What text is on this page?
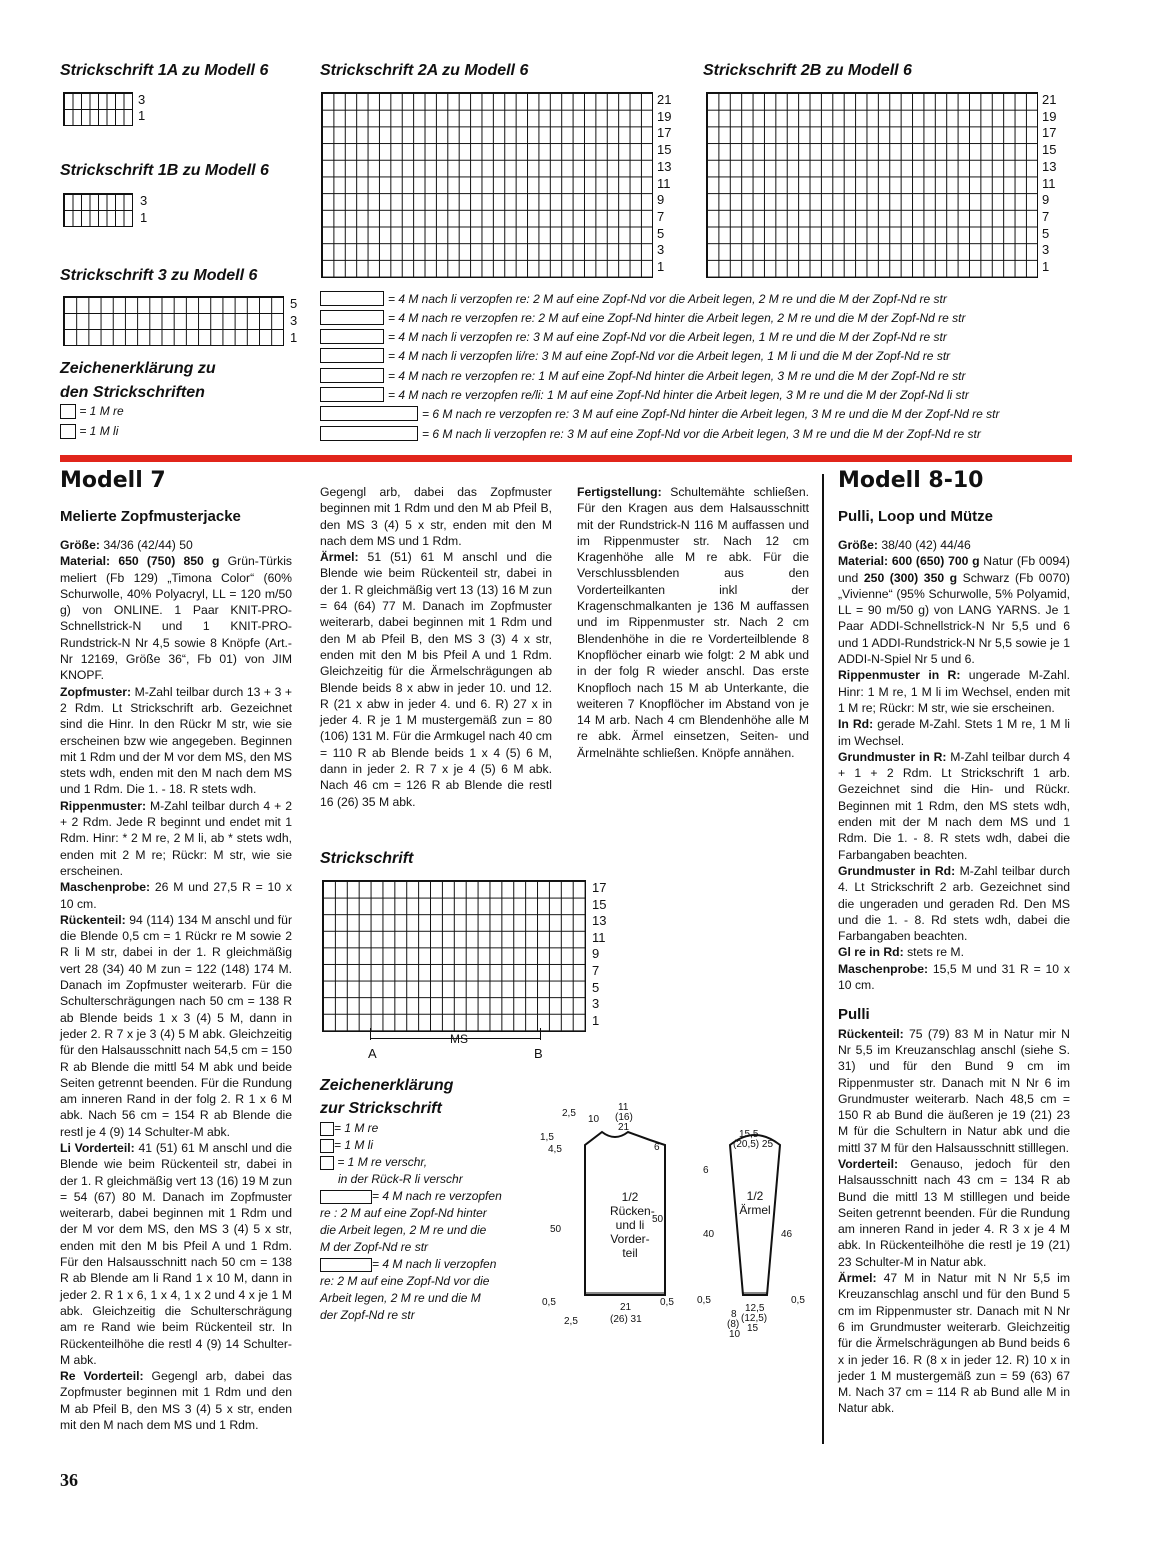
Strickschrift 1A zu Modell 6
3
1
Strickschrift 1B zu Modell 6
3
1
Strickschrift 3 zu Modell 6
5
3
1
Zeichenerklärung zu
den Strickschriften
= 1 M re
= 1 M li
Strickschrift 2A zu Modell 6
21
19
17
15
13
11
9
7
5
3
1
Strickschrift 2B zu Modell 6
21
19
17
15
13
11
9
7
5
3
1
= 4 M nach li verzopfen re: 2 M auf eine Zopf-Nd vor die Arbeit legen, 2 M re und die M der Zopf-Nd re str
= 4 M nach re verzopfen re: 2 M auf eine Zopf-Nd hinter die Arbeit legen, 2 M re und die M der Zopf-Nd re str
= 4 M nach li verzopfen re: 3 M auf eine Zopf-Nd vor die Arbeit legen, 1 M re und die M der Zopf-Nd re str
= 4 M nach li verzopfen li/re: 3 M auf eine Zopf-Nd vor die Arbeit legen, 1 M li und die M der Zopf-Nd re str
= 4 M nach re verzopfen re: 1 M auf eine Zopf-Nd hinter die Arbeit legen, 3 M re und die M der Zopf-Nd re str
= 4 M nach re verzopfen re/li: 1 M auf eine Zopf-Nd hinter die Arbeit legen, 3 M re und die M der Zopf-Nd li str
= 6 M nach re verzopfen re: 3 M auf eine Zopf-Nd hinter die Arbeit legen, 3 M re und die M der Zopf-Nd re str
= 6 M nach li verzopfen re: 3 M auf eine Zopf-Nd vor die Arbeit legen, 3 M re und die M der Zopf-Nd re str
Modell 7
Melierte Zopfmusterjacke

Größe: 34/36 (42/44) 50

Material: 650 (750) 850 g Grün-Türkis meliert (Fb 129) „Timona Color“ (60% Schurwolle, 40% Polyacryl, LL = 120 m/50 g) von ONLINE. 1 Paar KNIT-PRO-Schnellstrick-N und 1 KNIT-PRO-Rundstrick-N Nr 4,5 sowie 8 Knöpfe (Art.-Nr 12169, Größe 36“, Fb 01) von JIM KNOPF.

Zopfmuster: M-Zahl teilbar durch 13 + 3 + 2 Rdm. Lt Strickschrift arb. Gezeichnet sind die Hinr. In den Rückr M str, wie sie erscheinen bzw wie angegeben. Beginnen mit 1 Rdm und der M vor dem MS, den MS stets wdh, enden mit den M nach dem MS und 1 Rdm. Die 1. - 18. R stets wdh.

Rippenmuster: M-Zahl teilbar durch 4 + 2 + 2 Rdm. Jede R beginnt und endet mit 1 Rdm. Hinr: * 2 M re, 2 M li, ab * stets wdh, enden mit 2 M re; Rückr: M str, wie sie erscheinen.

Maschenprobe: 26 M und 27,5 R = 10 x 10 cm.

Rückenteil: 94 (114) 134 M anschl und für die Blende 0,5 cm = 1 Rückr re M sowie 2 R li M str, dabei in der 1. R gleichmäßig vert 28 (34) 40 M zun = 122 (148) 174 M. Danach im Zopfmuster weiterarb. Für die Schulterschrägungen nach 50 cm = 138 R ab Blende beids 1 x 3 (4) 5 M, dann in jeder 2. R 7 x je 3 (4) 5 M abk. Gleichzeitig für den Halsausschnitt nach 54,5 cm = 150 R ab Blende die mittl 54 M abk und beide Seiten getrennt beenden. Für die Rundung am inneren Rand in der folg 2. R 1 x 6 M abk. Nach 56 cm = 154 R ab Blende die restl je 4 (9) 14 Schulter-M abk.

Li Vorderteil: 41 (51) 61 M anschl und die Blende wie beim Rückenteil str, dabei in der 1. R gleichmäßig vert 13 (16) 19 M zun = 54 (67) 80 M. Danach im Zopfmuster weiterarb, dabei beginnen mit 1 Rdm und der M vor dem MS, den MS 3 (4) 5 x str, enden mit den M bis Pfeil A und 1 Rdm. Für den Halsausschnitt nach 50 cm = 138 R ab Blende am li Rand 1 x 10 M, dann in jeder 2. R 1 x 6, 1 x 4, 1 x 2 und 4 x je 1 M abk. Gleichzeitig die Schulterschrägung am re Rand wie beim Rückenteil str. In Rückenteilhöhe die restl 4 (9) 14 Schulter-M abk.

Re Vorderteil: Gegengl arb, dabei das Zopfmuster beginnen mit 1 Rdm und den M ab Pfeil B, den MS 3 (4) 5 x str, enden mit den M nach dem MS und 1 Rdm.

Gegengl arb, dabei das Zopfmuster beginnen mit 1 Rdm und den M ab Pfeil B, den MS 3 (4) 5 x str, enden mit den M nach dem MS und 1 Rdm.

Ärmel: 51 (51) 61 M anschl und die Blende wie beim Rückenteil str, dabei in der 1. R gleichmäßig vert 13 (13) 16 M zun = 64 (64) 77 M. Danach im Zopfmuster weiterarb, dabei beginnen mit 1 Rdm und den M ab Pfeil B, den MS 3 (3) 4 x str, enden mit den M bis Pfeil A und 1 Rdm. Gleichzeitig für die Ärmelschrägungen ab Blende beids 8 x abw in jeder 10. und 12. R (21 x abw in jeder 4. und 6. R) 27 x in jeder 4. R je 1 M mustergemäß zun = 80 (106) 131 M. Für die Armkugel nach 40 cm = 110 R ab Blende beids 1 x 4 (5) 6 M, dann in jeder 2. R 7 x je 4 (5) 6 M abk. Nach 46 cm = 126 R ab Blende die restl 16 (26) 35 M abk.

Fertigstellung: Schultemähte schließen. Für den Kragen aus dem Halsausschnitt mit der Rundstrick-N 116 M auffassen und im Rippenmuster str. Nach 12 cm Kragenhöhe alle M re abk. Für die Verschlussblenden aus den Vorderteilkanten inkl der Kragenschmalkanten je 136 M auffassen und im Rippenmuster str. Nach 2 cm Blendenhöhe in die re Vorderteilblende 8 Knopflöcher einarb wie folgt: 2 M abk und in der folg R wieder anschl. Das erste Knopfloch nach 15 M ab Unterkante, die weiteren 7 Knopflöcher im Abstand von je 14 M arb. Nach 4 cm Blendenhöhe alle M re abk. Ärmel einsetzen, Seiten- und Ärmelnähte schließen. Knöpfe annähen.

Strickschrift
17
15
13
11
9
7
5
3
1
A
MS
B
Zeichenerklärung
zur Strickschrift
= 1 M re
= 1 M li
= 1 M re verschr,
in der Rück-R li verschr
= 4 M nach re verzopfen
re : 2 M auf eine Zopf-Nd hinter
die Arbeit legen, 2 M re und die
M der Zopf-Nd re str
= 4 M nach li verzopfen
re: 2 M auf eine Zopf-Nd vor die
Arbeit legen, 2 M re und die M
der Zopf-Nd re str
1/2
Rücken-
und li
Vorder-
teil
2,5
10
11
(16)
21
1,5
4,5	6
50
50
0,5	0,5
21
(26) 31
2,5
1/2
Ärmel
15,5
(20,5) 25
6
40	46
0,5	0,5
12,5
(12,5)
15
8
(8)
10
Modell 8-10
Pulli, Loop und Mütze

Größe: 38/40 (42) 44/46

Material: 600 (650) 700 g Natur (Fb 0094) und 250 (300) 350 g Schwarz (Fb 0070) „Vivienne“ (95% Schurwolle, 5% Polyamid, LL = 90 m/50 g) von LANG YARNS. Je 1 Paar ADDI-Schnellstrick-N Nr 5,5 und 6 und 1 ADDI-Rundstrick-N Nr 5,5 sowie je 1 ADDI-N-Spiel Nr 5 und 6.

Rippenmuster in R: ungerade M-Zahl. Hinr: 1 M re, 1 M li im Wechsel, enden mit 1 M re; Rückr: M str, wie sie erscheinen.

In Rd: gerade M-Zahl. Stets 1 M re, 1 M li im Wechsel.

Grundmuster in R: M-Zahl teilbar durch 4 + 1 + 2 Rdm. Lt Strickschrift 1 arb. Gezeichnet sind die Hin- und Rückr. Beginnen mit 1 Rdm, den MS stets wdh, enden mit der M nach dem MS und 1 Rdm. Die 1. - 8. R stets wdh, dabei die Farbangaben beachten.

Grundmuster in Rd: M-Zahl teilbar durch 4. Lt Strickschrift 2 arb. Gezeichnet sind die ungeraden und geraden Rd. Den MS und die 1. - 8. Rd stets wdh, dabei die Farbangaben beachten.

Gl re in Rd: stets re M.

Maschenprobe: 15,5 M und 31 R = 10 x 10 cm.

Pulli

Rückenteil: 75 (79) 83 M in Natur mir N Nr 5,5 im Kreuzanschlag anschl (siehe S. 31) und für den Bund 9 cm im Rippenmuster str. Danach mit N Nr 6 im Grundmuster weiterarb. Nach 48,5 cm = 150 R ab Bund die äußeren je 19 (21) 23 M für die Schultern in Natur abk und die mittl 37 M für den Halsausschnitt stilllegen.

Vorderteil: Genauso, jedoch für den Halsausschnitt nach 43 cm = 134 R ab Bund die mittl 13 M stilllegen und beide Seiten getrennt beenden. Für die Rundung am inneren Rand in jeder 4. R 3 x je 4 M abk. In Rückenteilhöhe die restl je 19 (21) 23 Schulter-M in Natur abk.

Ärmel: 47 M in Natur mit N Nr 5,5 im Kreuzanschlag anschl und für den Bund 5 cm im Rippenmuster str. Danach mit N Nr 6 im Grundmuster weiterarb. Gleichzeitig für die Ärmelschrägungen ab Bund beids 6 x in jeder 16. R (8 x in jeder 12. R) 10 x in jeder 1 M mustergemäß zun = 59 (63) 67 M. Nach 37 cm = 114 R ab Bund alle M in Natur abk.

36
